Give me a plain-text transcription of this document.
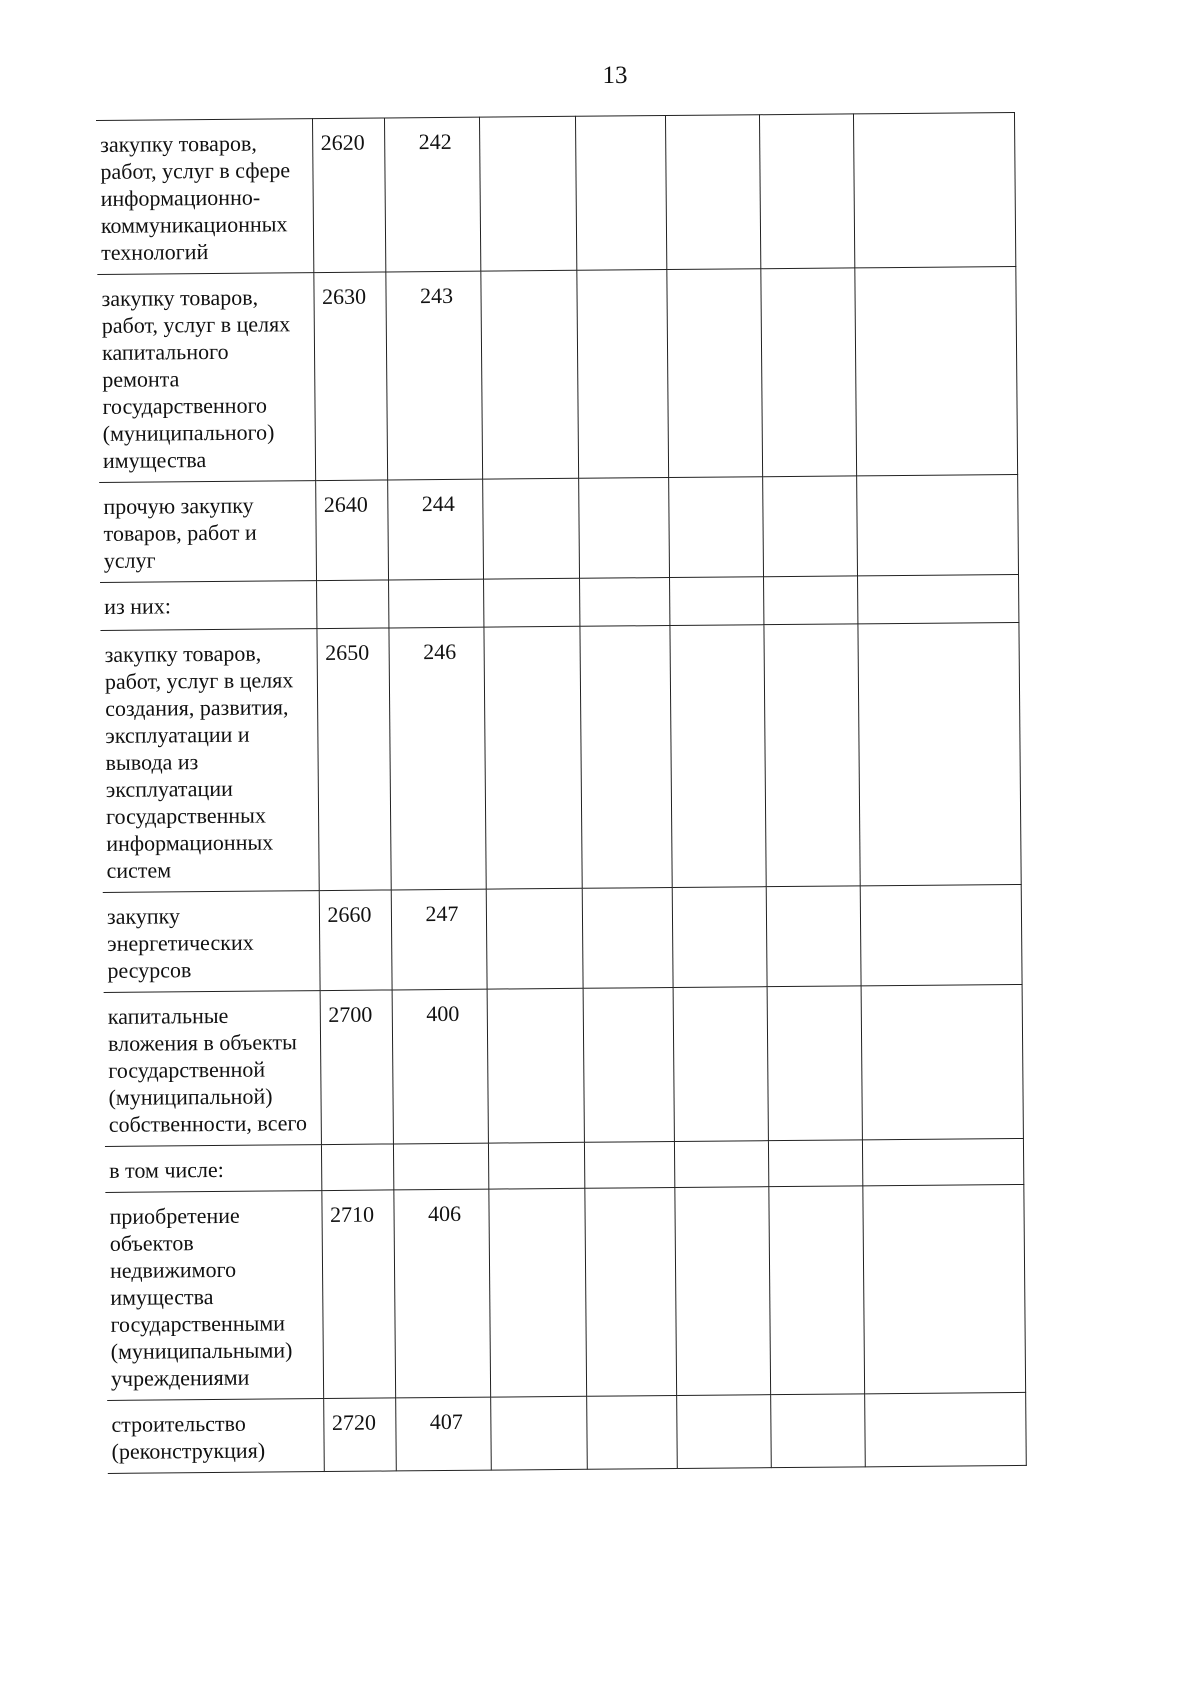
13
закупку товаров, работ, услуг в сфере информационно-коммуникационных технологий	2620	242					
закупку товаров, работ, услуг в целях капитального ремонта государственного (муниципального) имущества	2630	243					
прочую закупку товаров, работ и услуг	2640	244					
из них:							
закупку товаров, работ, услуг в целях создания, развития, эксплуатации и вывода из эксплуатации государственных информационных систем	2650	246					
закупку энергетических ресурсов	2660	247					
капитальные вложения в объекты государственной (муниципальной) собственности, всего	2700	400					
в том числе:							
приобретение объектов недвижимого имущества государственными (муниципальными) учреждениями	2710	406					
строительство (реконструкция)	2720	407					
